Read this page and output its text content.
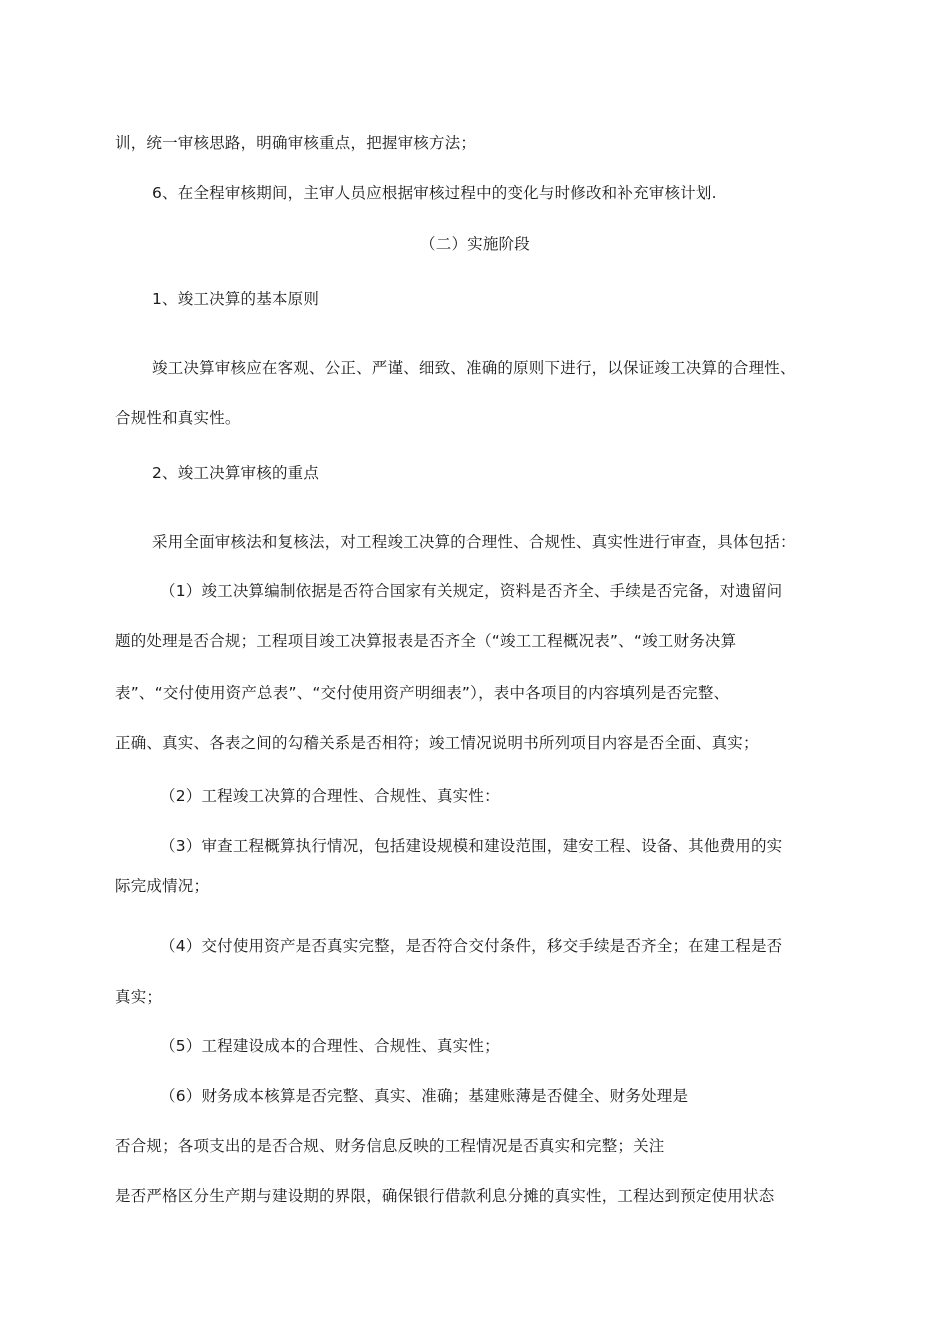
训，统一审核思路，明确审核重点，把握审核方法；
6、在全程审核期间，主审人员应根据审核过程中的变化与时修改和补充审核计划.
（二）实施阶段
1、竣工决算的基本原则
竣工决算审核应在客观、公正、严谨、细致、准确的原则下进行，以保证竣工决算的合理性、
合规性和真实性。
2、竣工决算审核的重点
采用全面审核法和复核法，对工程竣工决算的合理性、合规性、真实性进行审查，具体包括：
（1）竣工决算编制依据是否符合国家有关规定，资料是否齐全、手续是否完备，对遗留问
题的处理是否合规；工程项目竣工决算报表是否齐全（“竣工工程概况表”、“竣工财务决算
表”、“交付使用资产总表”、“交付使用资产明细表”），表中各项目的内容填列是否完整、
正确、真实、各表之间的勾稽关系是否相符；竣工情况说明书所列项目内容是否全面、真实；
（2）工程竣工决算的合理性、合规性、真实性：
（3）审查工程概算执行情况，包括建设规模和建设范围，建安工程、设备、其他费用的实
际完成情况；
（4）交付使用资产是否真实完整，是否符合交付条件，移交手续是否齐全；在建工程是否
真实；
（5）工程建设成本的合理性、合规性、真实性；
（6）财务成本核算是否完整、真实、准确；基建账薄是否健全、财务处理是
否合规；各项支出的是否合规、财务信息反映的工程情况是否真实和完整；关注
是否严格区分生产期与建设期的界限，确保银行借款利息分摊的真实性，工程达到预定使用状态
